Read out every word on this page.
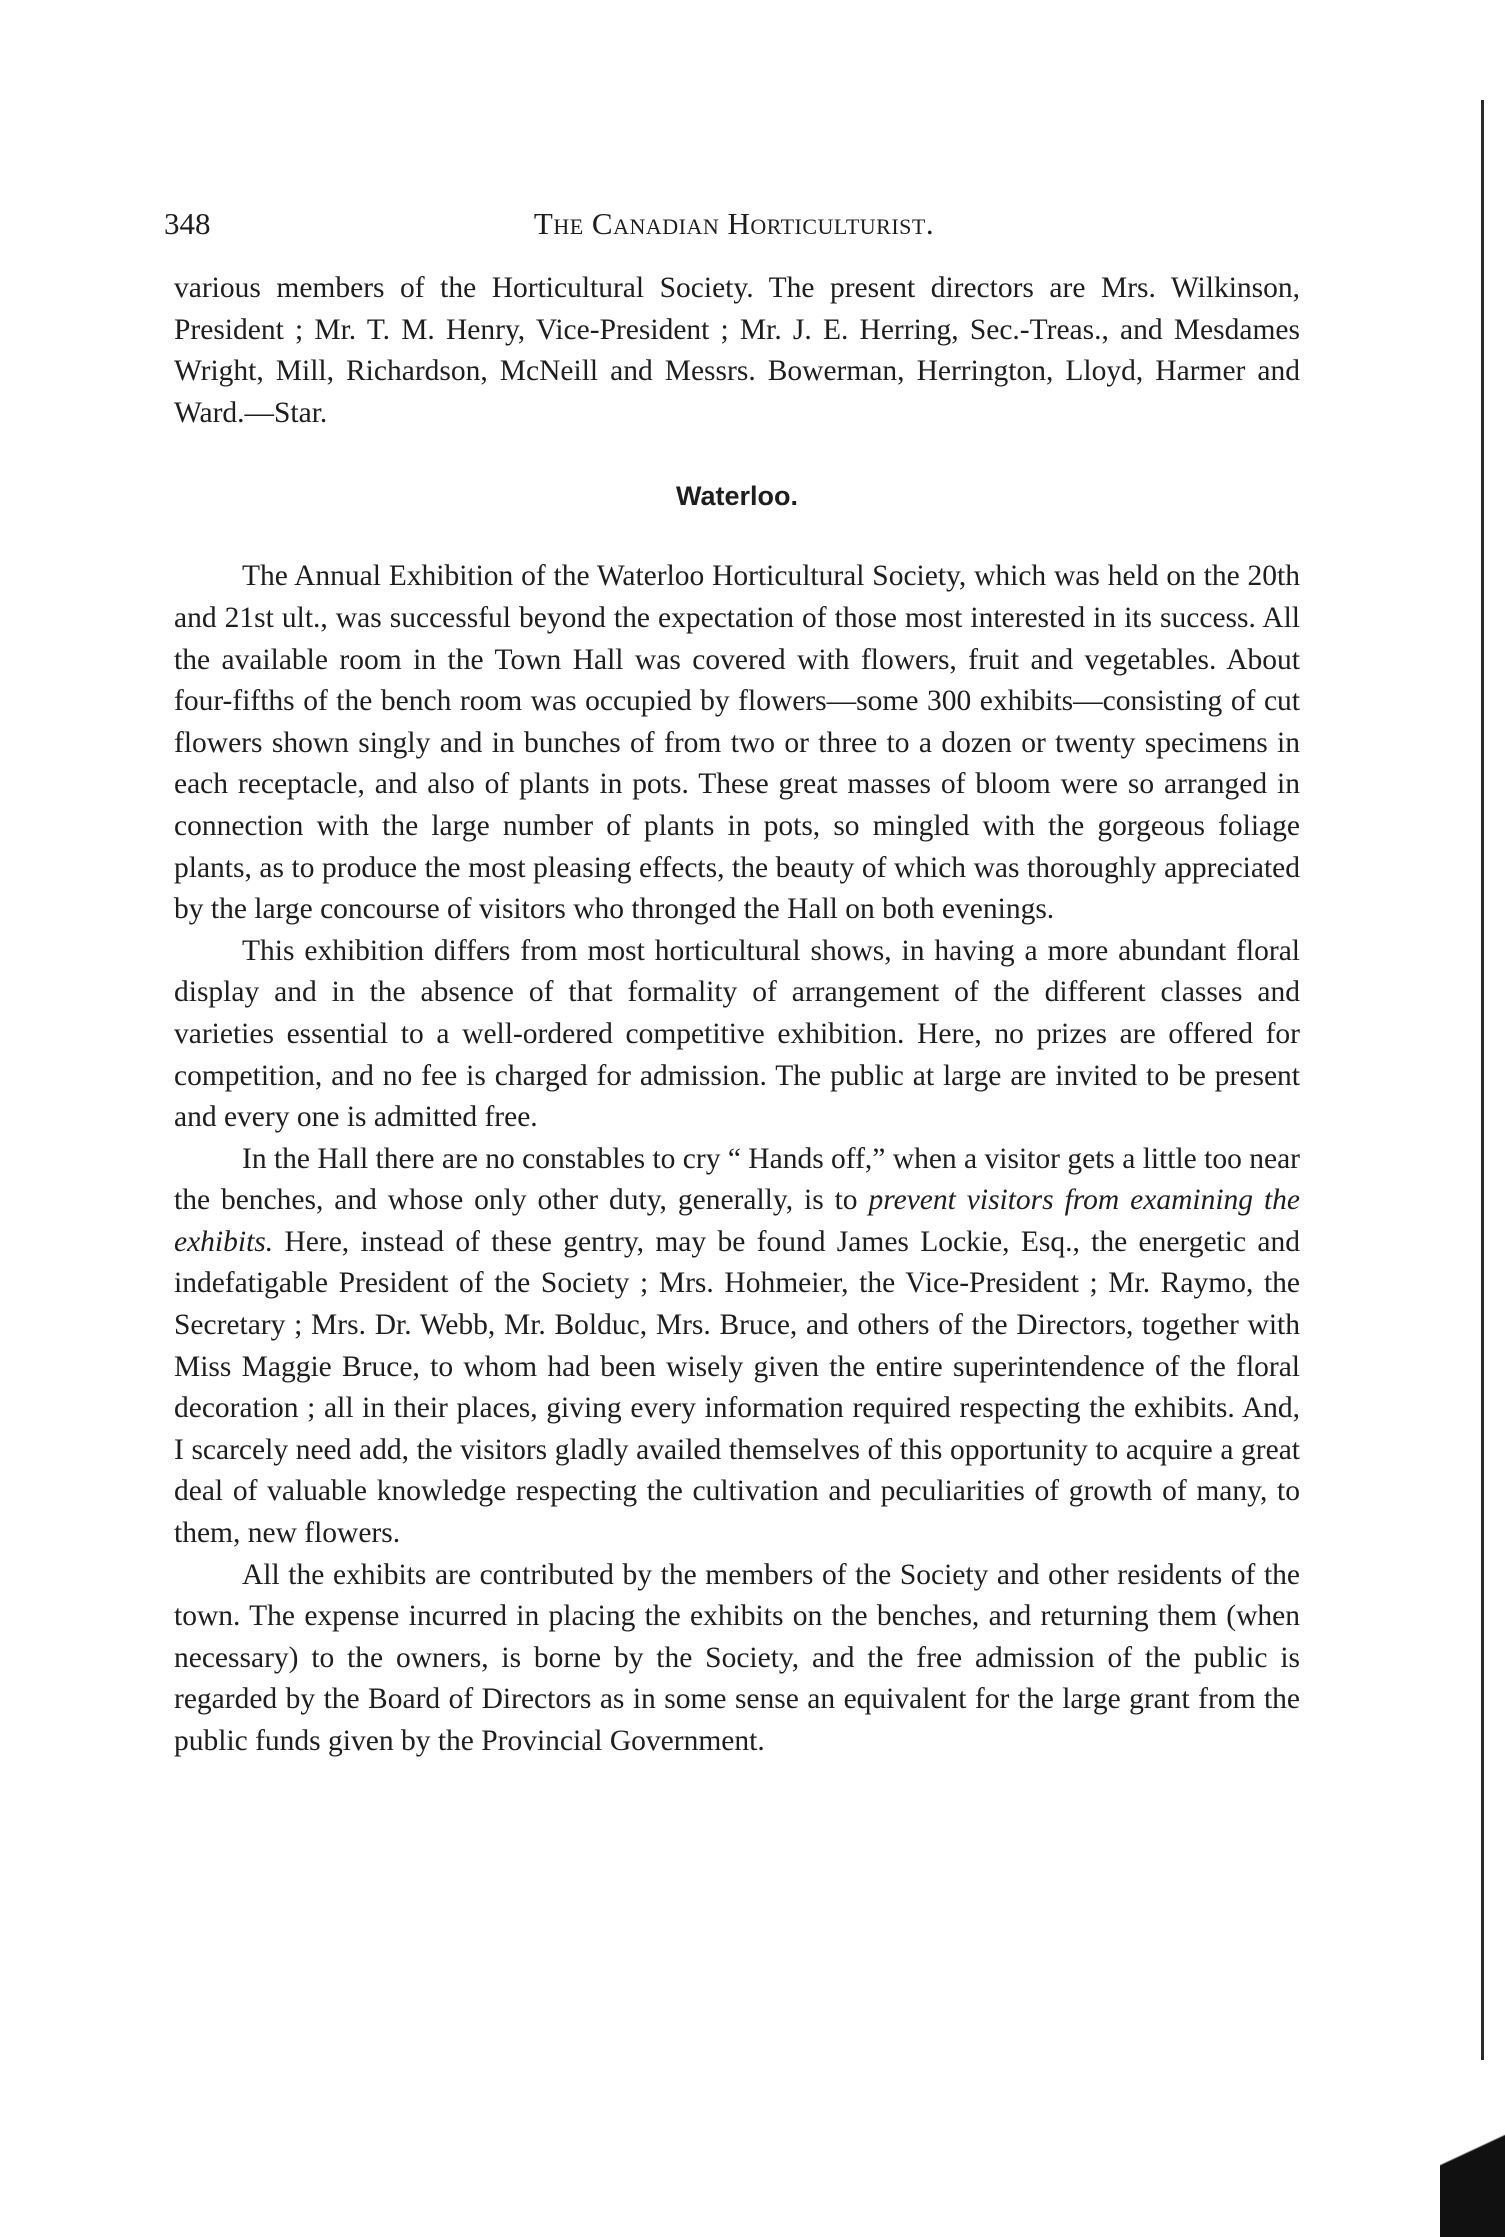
348	The Canadian Horticulturist.

various members of the Horticultural Society. The present directors are Mrs. Wilkinson, President ; Mr. T. M. Henry, Vice-President ; Mr. J. E. Herring, Sec.-Treas., and Mesdames Wright, Mill, Richardson, McNeill and Messrs. Bowerman, Herrington, Lloyd, Harmer and Ward.—Star.

Waterloo.

The Annual Exhibition of the Waterloo Horticultural Society, which was held on the 20th and 21st ult., was successful beyond the expectation of those most interested in its success. All the available room in the Town Hall was covered with flowers, fruit and vegetables. About four-fifths of the bench room was occupied by flowers—some 300 exhibits—consisting of cut flowers shown singly and in bunches of from two or three to a dozen or twenty specimens in each receptacle, and also of plants in pots. These great masses of bloom were so arranged in connection with the large number of plants in pots, so mingled with the gorgeous foliage plants, as to produce the most pleasing effects, the beauty of which was thoroughly appreciated by the large concourse of visitors who thronged the Hall on both evenings.

This exhibition differs from most horticultural shows, in having a more abundant floral display and in the absence of that formality of arrangement of the different classes and varieties essential to a well-ordered competitive exhibition. Here, no prizes are offered for competition, and no fee is charged for admission. The public at large are invited to be present and every one is admitted free.

In the Hall there are no constables to cry “ Hands off,” when a visitor gets a little too near the benches, and whose only other duty, generally, is to prevent visitors from examining the exhibits. Here, instead of these gentry, may be found James Lockie, Esq., the energetic and indefatigable President of the Society ; Mrs. Hohmeier, the Vice-President ; Mr. Raymo, the Secretary ; Mrs. Dr. Webb, Mr. Bolduc, Mrs. Bruce, and others of the Directors, together with Miss Maggie Bruce, to whom had been wisely given the entire superintendence of the floral decoration ; all in their places, giving every information required respecting the exhibits. And, I scarcely need add, the visitors gladly availed themselves of this opportunity to acquire a great deal of valuable knowledge respecting the cultivation and peculiarities of growth of many, to them, new flowers.

All the exhibits are contributed by the members of the Society and other residents of the town. The expense incurred in placing the exhibits on the benches, and returning them (when necessary) to the owners, is borne by the Society, and the free admission of the public is regarded by the Board of Directors as in some sense an equivalent for the large grant from the public funds given by the Provincial Government.
